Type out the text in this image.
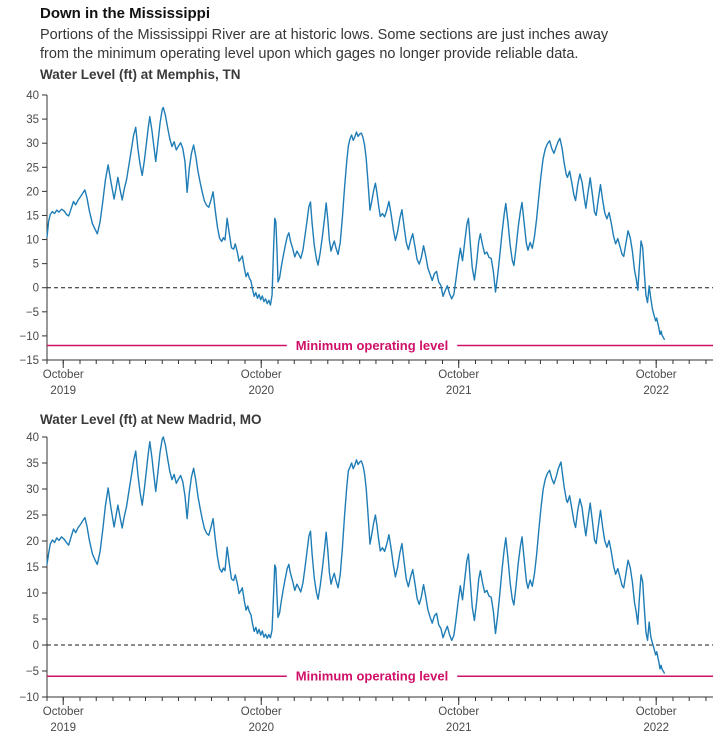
Down in the Mississippi
Portions of the Mississippi River are at historic lows. Some sections are just inches away
from the minimum operating level upon which gages no longer provide reliable data.
Water Level (ft) at Memphis, TN
Water Level (ft) at New Madrid, MO
−15
−10
−5
0
5
10
15
20
25
30
35
40
October
2019
October
2020
October
2021
October
2022
Minimum operating level
−10
−5
0
5
10
15
20
25
30
35
40
October
2019
October
2020
October
2021
October
2022
Minimum operating level
